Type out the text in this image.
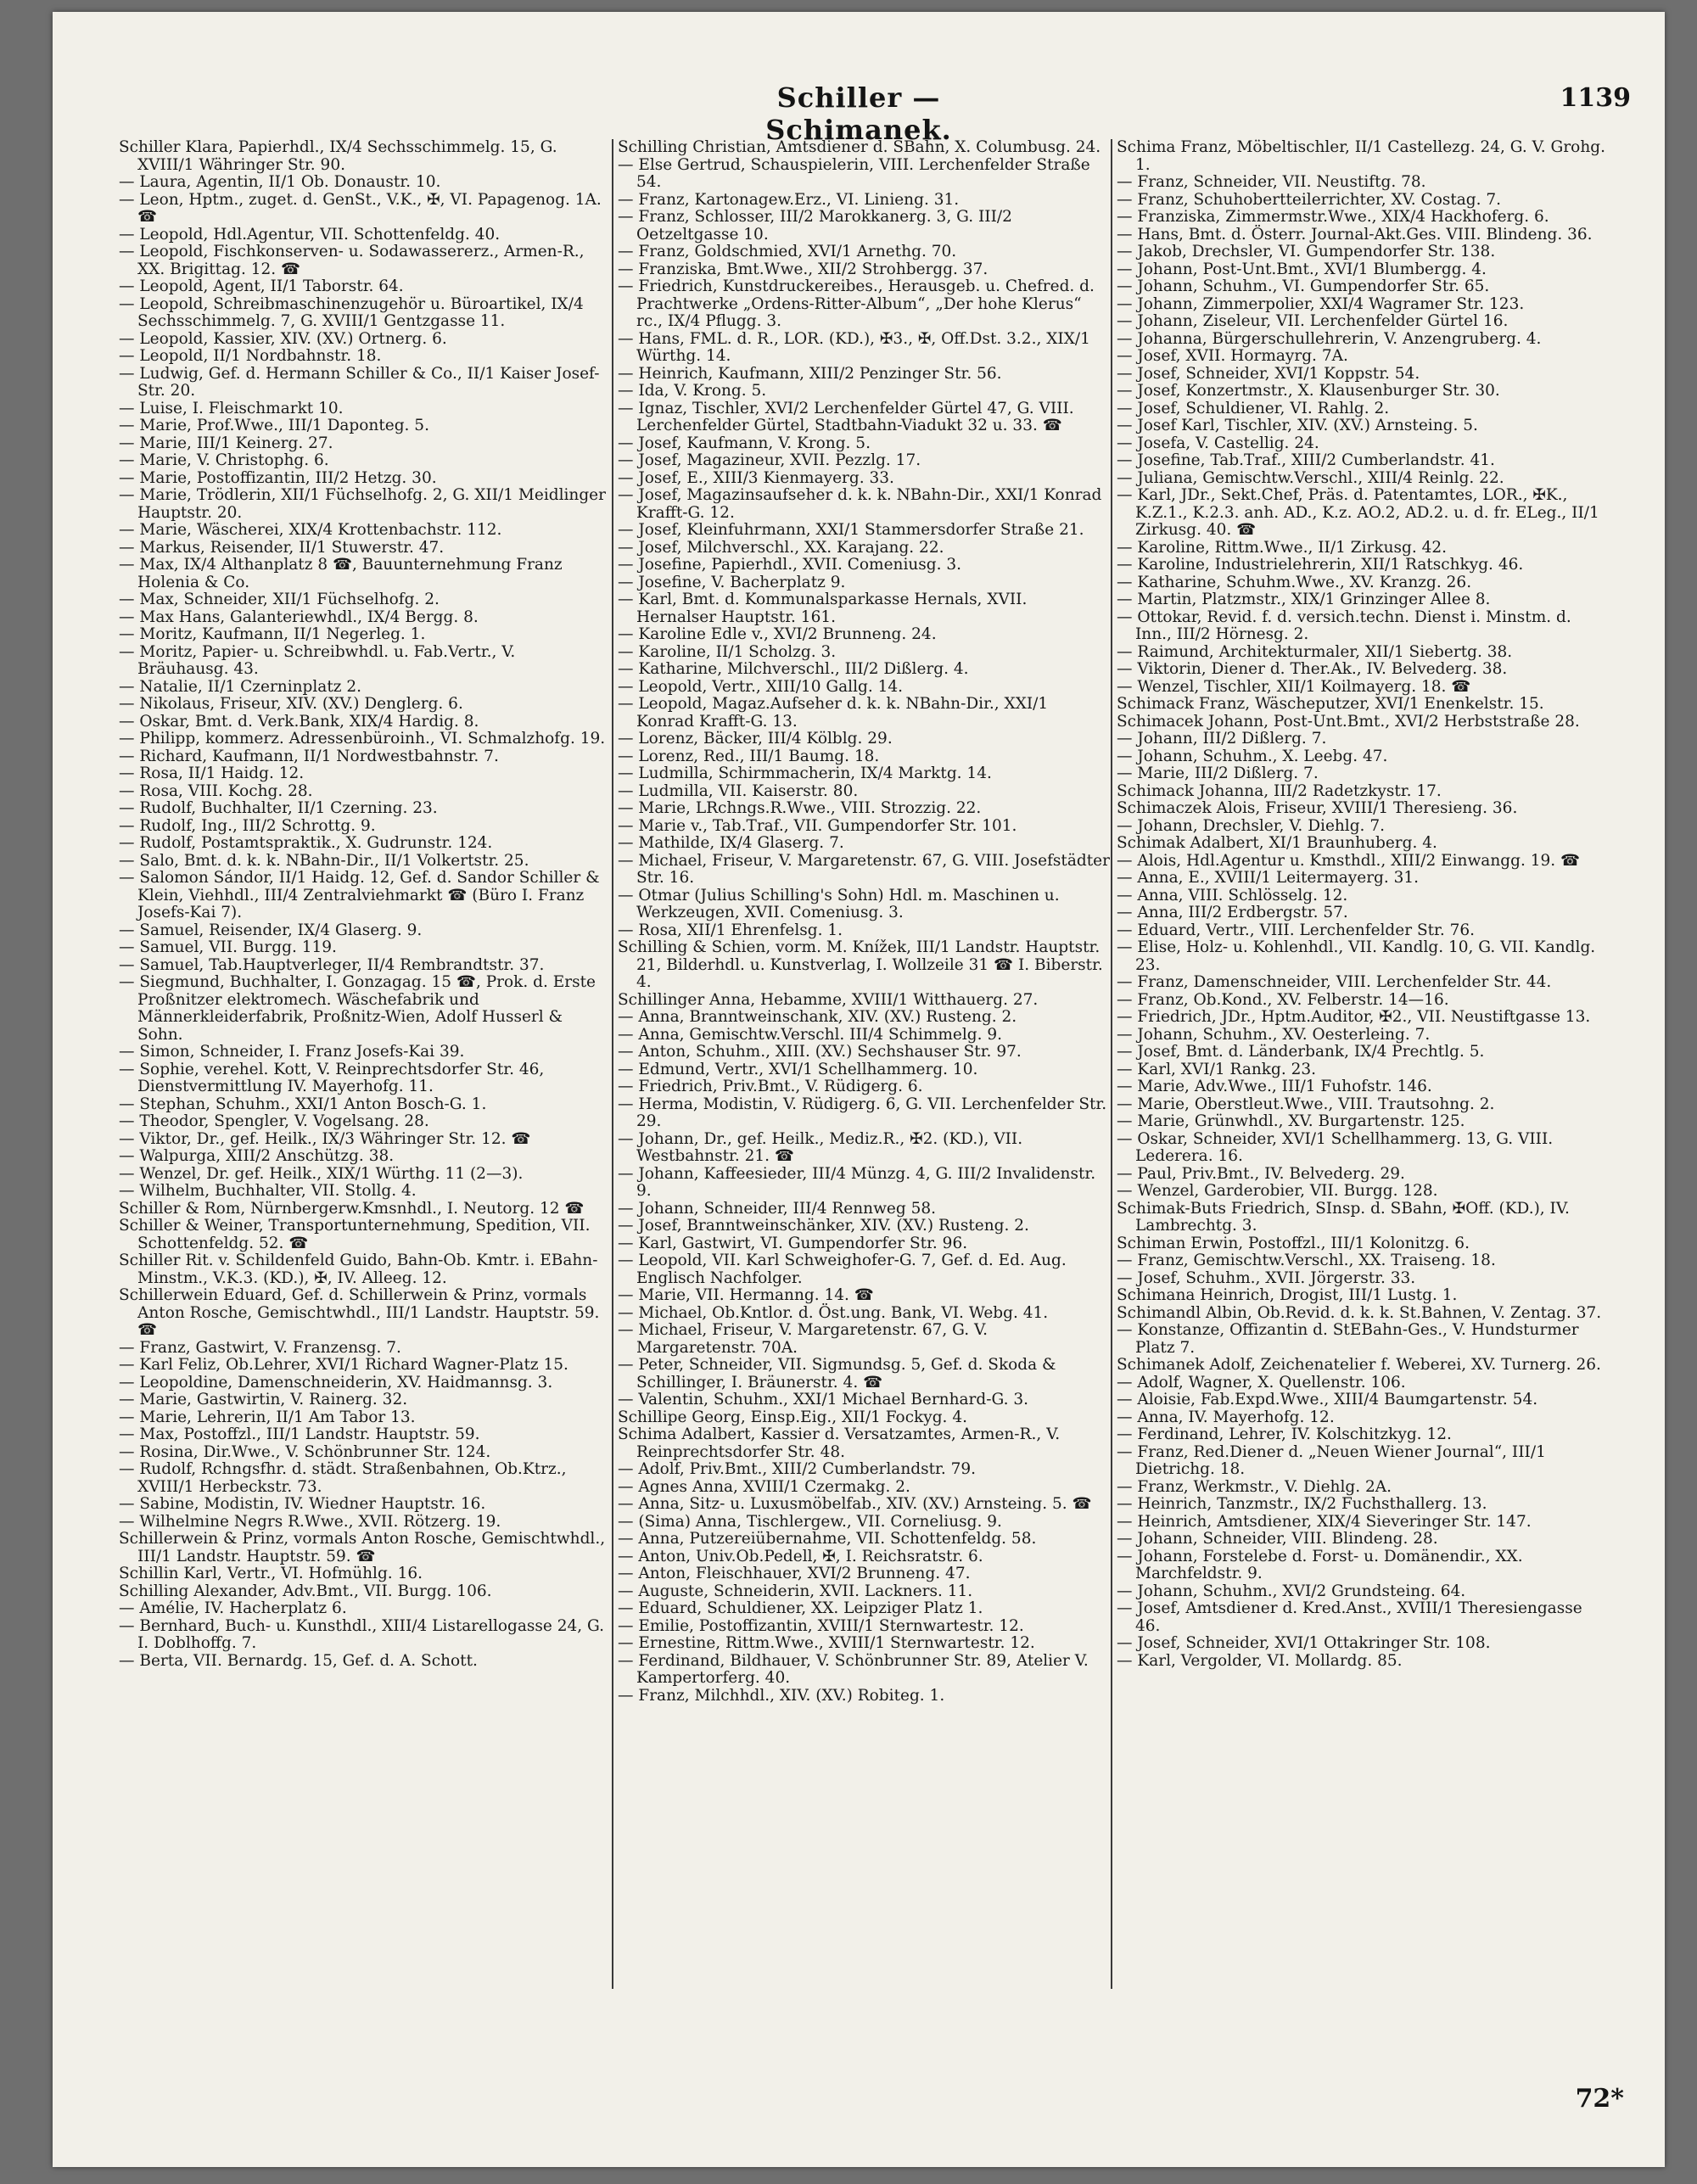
Schiller — Schimanek.
1139

Schiller Klara, Papierhdl., IX/4 Sechsschimmelg. 15, G. XVIII/1 Währinger Str. 90.

— Laura, Agentin, II/1 Ob. Donaustr. 10.

— Leon, Hptm., zuget. d. GenSt., V.K., ✠, VI. Papagenog. 1A. ☎

— Leopold, Hdl.Agentur, VII. Schottenfeldg. 40.

— Leopold, Fischkonserven- u. Sodawassererz., Armen-R., XX. Brigittag. 12. ☎

— Leopold, Agent, II/1 Taborstr. 64.

— Leopold, Schreibmaschinenzugehör u. Büroartikel, IX/4 Sechsschimmelg. 7, G. XVIII/1 Gentzgasse 11.

— Leopold, Kassier, XIV. (XV.) Ortnerg. 6.

— Leopold, II/1 Nordbahnstr. 18.

— Ludwig, Gef. d. Hermann Schiller & Co., II/1 Kaiser Josef-Str. 20.

— Luise, I. Fleischmarkt 10.

— Marie, Prof.Wwe., III/1 Daponteg. 5.

— Marie, III/1 Keinerg. 27.

— Marie, V. Christophg. 6.

— Marie, Postoffizantin, III/2 Hetzg. 30.

— Marie, Trödlerin, XII/1 Füchselhofg. 2, G. XII/1 Meidlinger Hauptstr. 20.

— Marie, Wäscherei, XIX/4 Krottenbachstr. 112.

— Markus, Reisender, II/1 Stuwerstr. 47.

— Max, IX/4 Althanplatz 8 ☎, Bauunternehmung Franz Holenia & Co.

— Max, Schneider, XII/1 Füchselhofg. 2.

— Max Hans, Galanteriewhdl., IX/4 Bergg. 8.

— Moritz, Kaufmann, II/1 Negerleg. 1.

— Moritz, Papier- u. Schreibwhdl. u. Fab.Vertr., V. Bräuhausg. 43.

— Natalie, II/1 Czerninplatz 2.

— Nikolaus, Friseur, XIV. (XV.) Denglerg. 6.

— Oskar, Bmt. d. Verk.Bank, XIX/4 Hardig. 8.

— Philipp, kommerz. Adressenbüroinh., VI. Schmalzhofg. 19.

— Richard, Kaufmann, II/1 Nordwestbahnstr. 7.

— Rosa, II/1 Haidg. 12.

— Rosa, VIII. Kochg. 28.

— Rudolf, Buchhalter, II/1 Czerning. 23.

— Rudolf, Ing., III/2 Schrottg. 9.

— Rudolf, Postamtspraktik., X. Gudrunstr. 124.

— Salo, Bmt. d. k. k. NBahn-Dir., II/1 Volkertstr. 25.

— Salomon Sándor, II/1 Haidg. 12, Gef. d. Sandor Schiller & Klein, Viehhdl., III/4 Zentralviehmarkt ☎ (Büro I. Franz Josefs-Kai 7).

— Samuel, Reisender, IX/4 Glaserg. 9.

— Samuel, VII. Burgg. 119.

— Samuel, Tab.Hauptverleger, II/4 Rembrandtstr. 37.

— Siegmund, Buchhalter, I. Gonzagag. 15 ☎, Prok. d. Erste Proßnitzer elektromech. Wäschefabrik und Männerkleiderfabrik, Proßnitz-Wien, Adolf Husserl & Sohn.

— Simon, Schneider, I. Franz Josefs-Kai 39.

— Sophie, verehel. Kott, V. Reinprechtsdorfer Str. 46, Dienstvermittlung IV. Mayerhofg. 11.

— Stephan, Schuhm., XXI/1 Anton Bosch-G. 1.

— Theodor, Spengler, V. Vogelsang. 28.

— Viktor, Dr., gef. Heilk., IX/3 Währinger Str. 12. ☎

— Walpurga, XIII/2 Anschützg. 38.

— Wenzel, Dr. gef. Heilk., XIX/1 Würthg. 11 (2—3).

— Wilhelm, Buchhalter, VII. Stollg. 4.

Schiller & Rom, Nürnbergerw.Kmsnhdl., I. Neutorg. 12 ☎

Schiller & Weiner, Transportunternehmung, Spedition, VII. Schottenfeldg. 52. ☎

Schiller Rit. v. Schildenfeld Guido, Bahn-Ob. Kmtr. i. EBahn-Minstm., V.K.3. (KD.), ✠, IV. Alleeg. 12.

Schillerwein Eduard, Gef. d. Schillerwein & Prinz, vormals Anton Rosche, Gemischtwhdl., III/1 Landstr. Hauptstr. 59. ☎

— Franz, Gastwirt, V. Franzensg. 7.

— Karl Feliz, Ob.Lehrer, XVI/1 Richard Wagner-Platz 15.

— Leopoldine, Damenschneiderin, XV. Haidmannsg. 3.

— Marie, Gastwirtin, V. Rainerg. 32.

— Marie, Lehrerin, II/1 Am Tabor 13.

— Max, Postoffzl., III/1 Landstr. Hauptstr. 59.

— Rosina, Dir.Wwe., V. Schönbrunner Str. 124.

— Rudolf, Rchngsfhr. d. städt. Straßenbahnen, Ob.Ktrz., XVIII/1 Herbeckstr. 73.

— Sabine, Modistin, IV. Wiedner Hauptstr. 16.

— Wilhelmine Negrs R.Wwe., XVII. Rötzerg. 19.

Schillerwein & Prinz, vormals Anton Rosche, Gemischtwhdl., III/1 Landstr. Hauptstr. 59. ☎

Schillin Karl, Vertr., VI. Hofmühlg. 16.

Schilling Alexander, Adv.Bmt., VII. Burgg. 106.

— Amélie, IV. Hacherplatz 6.

— Bernhard, Buch- u. Kunsthdl., XIII/4 Listarellogasse 24, G. I. Doblhoffg. 7.

— Berta, VII. Bernardg. 15, Gef. d. A. Schott.

Schilling Christian, Amtsdiener d. SBahn, X. Columbusg. 24.

— Else Gertrud, Schauspielerin, VIII. Lerchenfelder Straße 54.

— Franz, Kartonagew.Erz., VI. Linieng. 31.

— Franz, Schlosser, III/2 Marokkanerg. 3, G. III/2 Oetzeltgasse 10.

— Franz, Goldschmied, XVI/1 Arnethg. 70.

— Franziska, Bmt.Wwe., XII/2 Strohbergg. 37.

— Friedrich, Kunstdruckereibes., Herausgeb. u. Chefred. d. Prachtwerke „Ordens-Ritter-Album“, „Der hohe Klerus“ rc., IX/4 Pflugg. 3.

— Hans, FML. d. R., LOR. (KD.), ✠3., ✠, Off.Dst. 3.2., XIX/1 Würthg. 14.

— Heinrich, Kaufmann, XIII/2 Penzinger Str. 56.

— Ida, V. Krong. 5.

— Ignaz, Tischler, XVI/2 Lerchenfelder Gürtel 47, G. VIII. Lerchenfelder Gürtel, Stadtbahn-Viadukt 32 u. 33. ☎

— Josef, Kaufmann, V. Krong. 5.

— Josef, Magazineur, XVII. Pezzlg. 17.

— Josef, E., XIII/3 Kienmayerg. 33.

— Josef, Magazinsaufseher d. k. k. NBahn-Dir., XXI/1 Konrad Krafft-G. 12.

— Josef, Kleinfuhrmann, XXI/1 Stammersdorfer Straße 21.

— Josef, Milchverschl., XX. Karajang. 22.

— Josefine, Papierhdl., XVII. Comeniusg. 3.

— Josefine, V. Bacherplatz 9.

— Karl, Bmt. d. Kommunalsparkasse Hernals, XVII. Hernalser Hauptstr. 161.

— Karoline Edle v., XVI/2 Brunneng. 24.

— Karoline, II/1 Scholzg. 3.

— Katharine, Milchverschl., III/2 Dißlerg. 4.

— Leopold, Vertr., XIII/10 Gallg. 14.

— Leopold, Magaz.Aufseher d. k. k. NBahn-Dir., XXI/1 Konrad Krafft-G. 13.

— Lorenz, Bäcker, III/4 Kölblg. 29.

— Lorenz, Red., III/1 Baumg. 18.

— Ludmilla, Schirmmacherin, IX/4 Marktg. 14.

— Ludmilla, VII. Kaiserstr. 80.

— Marie, LRchngs.R.Wwe., VIII. Strozzig. 22.

— Marie v., Tab.Traf., VII. Gumpendorfer Str. 101.

— Mathilde, IX/4 Glaserg. 7.

— Michael, Friseur, V. Margaretenstr. 67, G. VIII. Josefstädter Str. 16.

— Otmar (Julius Schilling's Sohn) Hdl. m. Maschinen u. Werkzeugen, XVII. Comeniusg. 3.

— Rosa, XII/1 Ehrenfelsg. 1.

Schilling & Schien, vorm. M. Knížek, III/1 Landstr. Hauptstr. 21, Bilderhdl. u. Kunstverlag, I. Wollzeile 31 ☎ I. Biberstr. 4.

Schillinger Anna, Hebamme, XVIII/1 Witthauerg. 27.

— Anna, Branntweinschank, XIV. (XV.) Rusteng. 2.

— Anna, Gemischtw.Verschl. III/4 Schimmelg. 9.

— Anton, Schuhm., XIII. (XV.) Sechshauser Str. 97.

— Edmund, Vertr., XVI/1 Schellhammerg. 10.

— Friedrich, Priv.Bmt., V. Rüdigerg. 6.

— Herma, Modistin, V. Rüdigerg. 6, G. VII. Lerchenfelder Str. 29.

— Johann, Dr., gef. Heilk., Mediz.R., ✠2. (KD.), VII. Westbahnstr. 21. ☎

— Johann, Kaffeesieder, III/4 Münzg. 4, G. III/2 Invalidenstr. 9.

— Johann, Schneider, III/4 Rennweg 58.

— Josef, Branntweinschänker, XIV. (XV.) Rusteng. 2.

— Karl, Gastwirt, VI. Gumpendorfer Str. 96.

— Leopold, VII. Karl Schweighofer-G. 7, Gef. d. Ed. Aug. Englisch Nachfolger.

— Marie, VII. Hermanng. 14. ☎

— Michael, Ob.Kntlor. d. Öst.ung. Bank, VI. Webg. 41.

— Michael, Friseur, V. Margaretenstr. 67, G. V. Margaretenstr. 70A.

— Peter, Schneider, VII. Sigmundsg. 5, Gef. d. Skoda & Schillinger, I. Bräunerstr. 4. ☎

— Valentin, Schuhm., XXI/1 Michael Bernhard-G. 3.

Schillipe Georg, Einsp.Eig., XII/1 Fockyg. 4.

Schima Adalbert, Kassier d. Versatzamtes, Armen-R., V. Reinprechtsdorfer Str. 48.

— Adolf, Priv.Bmt., XIII/2 Cumberlandstr. 79.

— Agnes Anna, XVIII/1 Czermakg. 2.

— Anna, Sitz- u. Luxusmöbelfab., XIV. (XV.) Arnsteing. 5. ☎

— (Sima) Anna, Tischlergew., VII. Corneliusg. 9.

— Anna, Putzereiübernahme, VII. Schottenfeldg. 58.

— Anton, Univ.Ob.Pedell, ✠, I. Reichsratstr. 6.

— Anton, Fleischhauer, XVI/2 Brunneng. 47.

— Auguste, Schneiderin, XVII. Lackners. 11.

— Eduard, Schuldiener, XX. Leipziger Platz 1.

— Emilie, Postoffizantin, XVIII/1 Sternwartestr. 12.

— Ernestine, Rittm.Wwe., XVIII/1 Sternwartestr. 12.

— Ferdinand, Bildhauer, V. Schönbrunner Str. 89, Atelier V. Kampertorferg. 40.

— Franz, Milchhdl., XIV. (XV.) Robiteg. 1.

Schima Franz, Möbeltischler, II/1 Castellezg. 24, G. V. Grohg. 1.

— Franz, Schneider, VII. Neustiftg. 78.

— Franz, Schuhobertteilerrichter, XV. Costag. 7.

— Franziska, Zimmermstr.Wwe., XIX/4 Hackhoferg. 6.

— Hans, Bmt. d. Österr. Journal-Akt.Ges. VIII. Blindeng. 36.

— Jakob, Drechsler, VI. Gumpendorfer Str. 138.

— Johann, Post-Unt.Bmt., XVI/1 Blumbergg. 4.

— Johann, Schuhm., VI. Gumpendorfer Str. 65.

— Johann, Zimmerpolier, XXI/4 Wagramer Str. 123.

— Johann, Ziseleur, VII. Lerchenfelder Gürtel 16.

— Johanna, Bürgerschullehrerin, V. Anzengruberg. 4.

— Josef, XVII. Hormayrg. 7A.

— Josef, Schneider, XVI/1 Koppstr. 54.

— Josef, Konzertmstr., X. Klausenburger Str. 30.

— Josef, Schuldiener, VI. Rahlg. 2.

— Josef Karl, Tischler, XIV. (XV.) Arnsteing. 5.

— Josefa, V. Castellig. 24.

— Josefine, Tab.Traf., XIII/2 Cumberlandstr. 41.

— Juliana, Gemischtw.Verschl., XIII/4 Reinlg. 22.

— Karl, JDr., Sekt.Chef, Präs. d. Patentamtes, LOR., ✠K., K.Z.1., K.2.3. anh. AD., K.z. AO.2, AD.2. u. d. fr. ELeg., II/1 Zirkusg. 40. ☎

— Karoline, Rittm.Wwe., II/1 Zirkusg. 42.

— Karoline, Industrielehrerin, XII/1 Ratschkyg. 46.

— Katharine, Schuhm.Wwe., XV. Kranzg. 26.

— Martin, Platzmstr., XIX/1 Grinzinger Allee 8.

— Ottokar, Revid. f. d. versich.techn. Dienst i. Minstm. d. Inn., III/2 Hörnesg. 2.

— Raimund, Architekturmaler, XII/1 Siebertg. 38.

— Viktorin, Diener d. Ther.Ak., IV. Belvederg. 38.

— Wenzel, Tischler, XII/1 Koilmayerg. 18. ☎

Schimack Franz, Wäscheputzer, XVI/1 Enenkelstr. 15.

Schimacek Johann, Post-Unt.Bmt., XVI/2 Herbststraße 28.

— Johann, III/2 Dißlerg. 7.

— Johann, Schuhm., X. Leebg. 47.

— Marie, III/2 Dißlerg. 7.

Schimack Johanna, III/2 Radetzkystr. 17.

Schimaczek Alois, Friseur, XVIII/1 Theresieng. 36.

— Johann, Drechsler, V. Diehlg. 7.

Schimak Adalbert, XI/1 Braunhuberg. 4.

— Alois, Hdl.Agentur u. Kmsthdl., XIII/2 Einwangg. 19. ☎

— Anna, E., XVIII/1 Leitermayerg. 31.

— Anna, VIII. Schlösselg. 12.

— Anna, III/2 Erdbergstr. 57.

— Eduard, Vertr., VIII. Lerchenfelder Str. 76.

— Elise, Holz- u. Kohlenhdl., VII. Kandlg. 10, G. VII. Kandlg. 23.

— Franz, Damenschneider, VIII. Lerchenfelder Str. 44.

— Franz, Ob.Kond., XV. Felberstr. 14—16.

— Friedrich, JDr., Hptm.Auditor, ✠2., VII. Neustiftgasse 13.

— Johann, Schuhm., XV. Oesterleing. 7.

— Josef, Bmt. d. Länderbank, IX/4 Prechtlg. 5.

— Karl, XVI/1 Rankg. 23.

— Marie, Adv.Wwe., III/1 Fuhofstr. 146.

— Marie, Oberstleut.Wwe., VIII. Trautsohng. 2.

— Marie, Grünwhdl., XV. Burgartenstr. 125.

— Oskar, Schneider, XVI/1 Schellhammerg. 13, G. VIII. Lederera. 16.

— Paul, Priv.Bmt., IV. Belvederg. 29.

— Wenzel, Garderobier, VII. Burgg. 128.

Schimak-Buts Friedrich, SInsp. d. SBahn, ✠Off. (KD.), IV. Lambrechtg. 3.

Schiman Erwin, Postoffzl., III/1 Kolonitzg. 6.

— Franz, Gemischtw.Verschl., XX. Traiseng. 18.

— Josef, Schuhm., XVII. Jörgerstr. 33.

Schimana Heinrich, Drogist, III/1 Lustg. 1.

Schimandl Albin, Ob.Revid. d. k. k. St.Bahnen, V. Zentag. 37.

— Konstanze, Offizantin d. StEBahn-Ges., V. Hundsturmer Platz 7.

Schimanek Adolf, Zeichenatelier f. Weberei, XV. Turnerg. 26.

— Adolf, Wagner, X. Quellenstr. 106.

— Aloisie, Fab.Expd.Wwe., XIII/4 Baumgartenstr. 54.

— Anna, IV. Mayerhofg. 12.

— Ferdinand, Lehrer, IV. Kolschitzkyg. 12.

— Franz, Red.Diener d. „Neuen Wiener Journal“, III/1 Dietrichg. 18.

— Franz, Werkmstr., V. Diehlg. 2A.

— Heinrich, Tanzmstr., IX/2 Fuchsthallerg. 13.

— Heinrich, Amtsdiener, XIX/4 Sieveringer Str. 147.

— Johann, Schneider, VIII. Blindeng. 28.

— Johann, Forstelebe d. Forst- u. Domänendir., XX. Marchfeldstr. 9.

— Johann, Schuhm., XVI/2 Grundsteing. 64.

— Josef, Amtsdiener d. Kred.Anst., XVIII/1 Theresiengasse 46.

— Josef, Schneider, XVI/1 Ottakringer Str. 108.

— Karl, Vergolder, VI. Mollardg. 85.

72*
